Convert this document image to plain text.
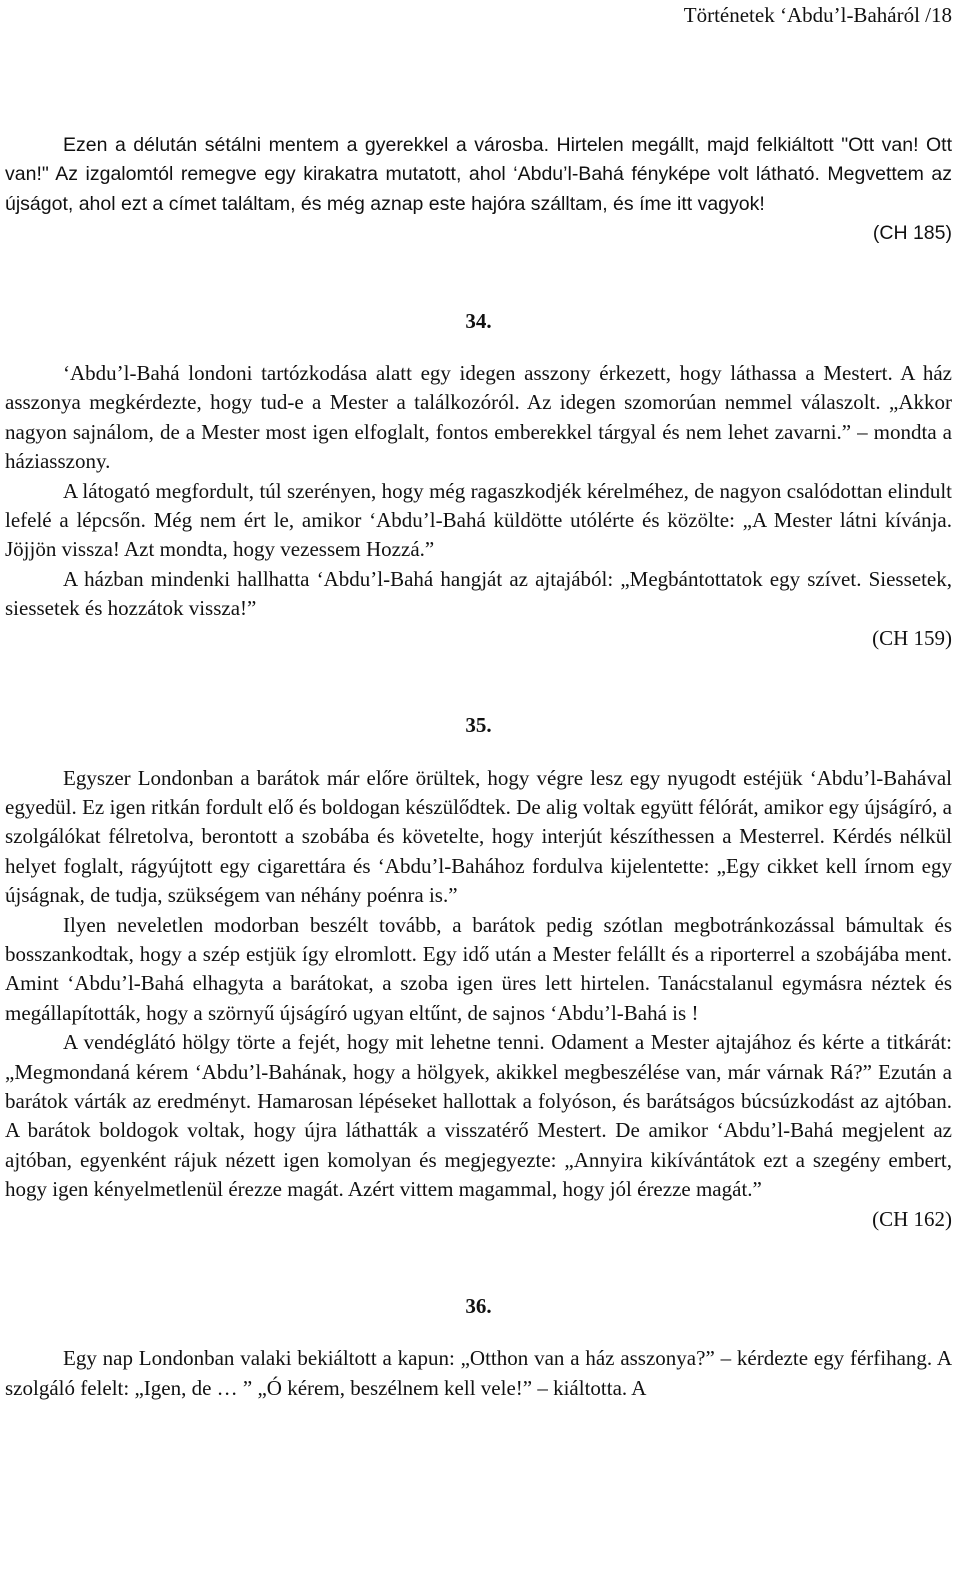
Történetek ‘Abdu’l-Baháról /18

Ezen a délután sétálni mentem a gyerekkel a városba. Hirtelen megállt, majd felkiáltott "Ott van! Ott van!" Az izgalomtól remegve egy kirakatra mutatott, ahol ‘Abdu’l-Bahá fényképe volt látható. Megvettem az újságot, ahol ezt a címet találtam, és még aznap este hajóra szálltam, és íme itt vagyok!

(CH 185)
34.

‘Abdu’l-Bahá londoni tartózkodása alatt egy idegen asszony érkezett, hogy láthassa a Mestert. A ház asszonya megkérdezte, hogy tud-e a Mester a találkozóról. Az idegen szomorúan nemmel válaszolt. „Akkor nagyon sajnálom, de a Mester most igen elfoglalt, fontos emberekkel tárgyal és nem lehet zavarni.” – mondta a háziasszony.

A látogató megfordult, túl szerényen, hogy még ragaszkodjék kérelméhez, de nagyon csalódottan elindult lefelé a lépcsőn. Még nem ért le, amikor ‘Abdu’l-Bahá küldötte utólérte és közölte: „A Mester látni kívánja. Jöjjön vissza! Azt mondta, hogy vezessem Hozzá.”

A házban mindenki hallhatta ‘Abdu’l-Bahá hangját az ajtajából: „Megbántottatok egy szívet. Siessetek, siessetek és hozzátok vissza!”

(CH 159)
35.

Egyszer Londonban a barátok már előre örültek, hogy végre lesz egy nyugodt estéjük ‘Abdu’l-Bahával egyedül. Ez igen ritkán fordult elő és boldogan készülődtek. De alig voltak együtt félórát, amikor egy újságíró, a szolgálókat félretolva, berontott a szobába és követelte, hogy interjút készíthessen a Mesterrel. Kérdés nélkül helyet foglalt, rágyújtott egy cigarettára és ‘Abdu’l-Bahához fordulva kijelentette: „Egy cikket kell írnom egy újságnak, de tudja, szükségem van néhány poénra is.”

Ilyen neveletlen modorban beszélt tovább, a barátok pedig szótlan megbotránkozással bámultak és bosszankodtak, hogy a szép estjük így elromlott. Egy idő után a Mester felállt és a riporterrel a szobájába ment. Amint ‘Abdu’l-Bahá elhagyta a barátokat, a szoba igen üres lett hirtelen. Tanácstalanul egymásra néztek és megállapították, hogy a szörnyű újságíró ugyan eltűnt, de sajnos ‘Abdu’l-Bahá is !

A vendéglátó hölgy törte a fejét, hogy mit lehetne tenni. Odament a Mester ajtajához és kérte a titkárát: „Megmondaná kérem ‘Abdu’l-Bahának, hogy a hölgyek, akikkel megbeszélése van, már várnak Rá?” Ezután a barátok várták az eredményt. Hamarosan lépéseket hallottak a folyóson, és barátságos búcsúzkodást az ajtóban. A barátok boldogok voltak, hogy újra láthatták a visszatérő Mestert. De amikor ‘Abdu’l-Bahá megjelent az ajtóban, egyenként rájuk nézett igen komolyan és megjegyezte: „Annyira kikívántátok ezt a szegény embert, hogy igen kényelmetlenül érezze magát. Azért vittem magammal, hogy jól érezze magát.”

(CH 162)
36.

Egy nap Londonban valaki bekiáltott a kapun: „Otthon van a ház asszonya?” – kérdezte egy férfihang. A szolgáló felelt: „Igen, de … ” „Ó kérem, beszélnem kell vele!” – kiáltotta. A
